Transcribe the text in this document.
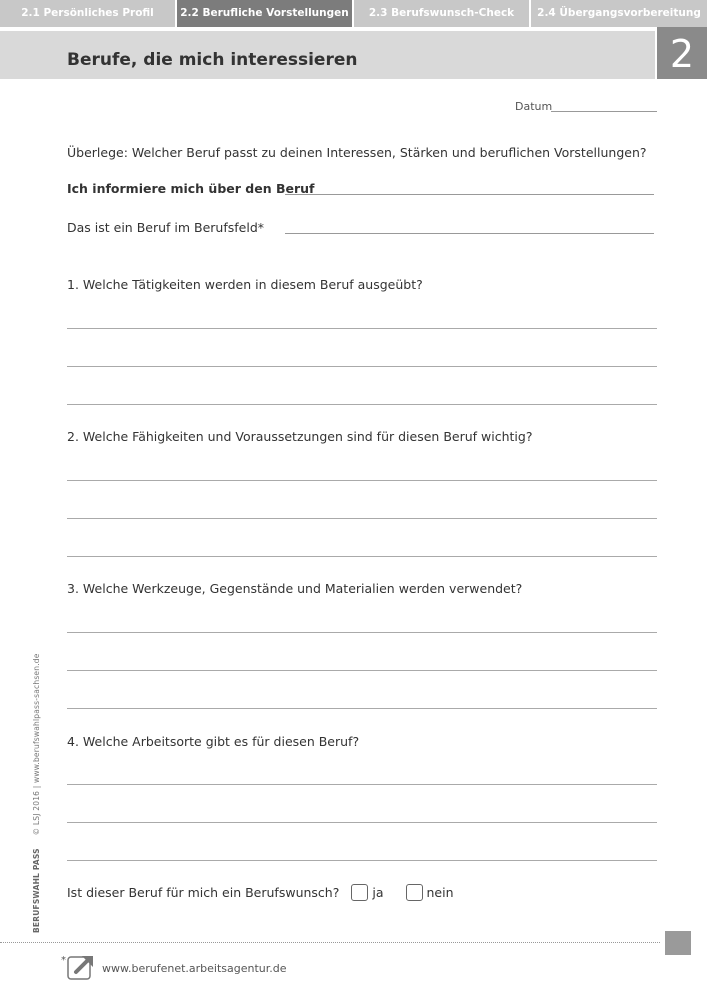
2.1 Persönliches Profil	2.2 Berufliche Vorstellungen	2.3 Berufswunsch-Check	2.4 Übergangsvorbereitung
Berufe, die mich interessieren	2
Datum
Überlege: Welcher Beruf passt zu deinen Interessen, Stärken und beruflichen Vorstellungen?
Ich informiere mich über den Beruf
Das ist ein Beruf im Berufsfeld*
1. Welche Tätigkeiten werden in diesem Beruf ausgeübt?
2. Welche Fähigkeiten und Voraussetzungen sind für diesen Beruf wichtig?
3. Welche Werkzeuge, Gegenstände und Materialien werden verwendet?
4. Welche Arbeitsorte gibt es für diesen Beruf?
Ist dieser Beruf für mich ein Berufswunsch?	ja	nein
BERUFSWAHL PASS     © LSJ 2016 | www.berufswahlpass-sachsen.de
*
www.berufenet.arbeitsagentur.de
